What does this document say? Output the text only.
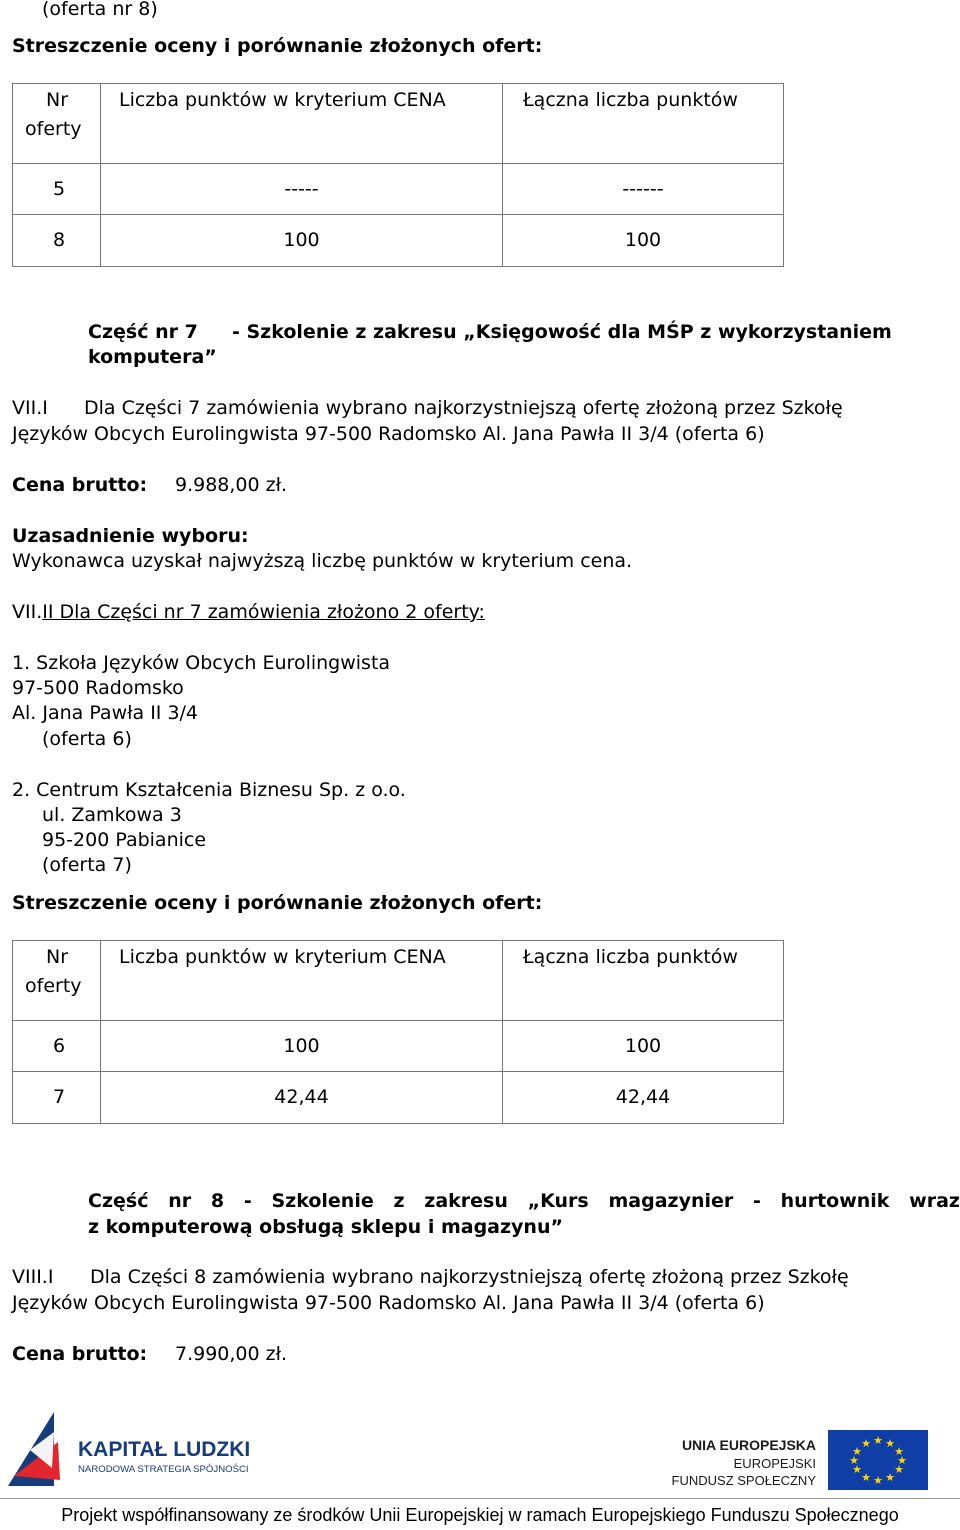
(oferta nr 8)
Streszczenie oceny i porównanie złożonych ofert:
Nr
oferty	Liczba punktów w kryterium CENA	Łączna liczba punktów
5	-----	------
8	100	100
Część nr 7 - Szkolenie z zakresu „Księgowość dla MŚP z wykorzystaniem
komputera”
VII.I Dla Części 7 zamówienia wybrano najkorzystniejszą ofertę złożoną przez Szkołę
Języków Obcych Eurolingwista 97-500 Radomsko Al. Jana Pawła II 3/4 (oferta 6)
Cena brutto: 9.988,00 zł.
Uzasadnienie wyboru:
Wykonawca uzyskał najwyższą liczbę punktów w kryterium cena.
VII.II Dla Części nr 7 zamówienia złożono 2 oferty:
1. Szkoła Języków Obcych Eurolingwista
97-500 Radomsko
Al. Jana Pawła II 3/4
(oferta 6)
2. Centrum Kształcenia Biznesu Sp. z o.o.
ul. Zamkowa 3
95-200 Pabianice
(oferta 7)
Streszczenie oceny i porównanie złożonych ofert:
Nr
oferty	Liczba punktów w kryterium CENA	Łączna liczba punktów
6	100	100
7	42,44	42,44
Część nr 8 - Szkolenie z zakresu „Kurs magazynier - hurtownik wraz
z komputerową obsługą sklepu i magazynu”
VIII.I Dla Części 8 zamówienia wybrano najkorzystniejszą ofertę złożoną przez Szkołę
Języków Obcych Eurolingwista 97-500 Radomsko Al. Jana Pawła II 3/4 (oferta 6)
Cena brutto: 7.990,00 zł.
KAPITAŁ LUDZKI
NARODOWA STRATEGIA SPÓJNOŚCI
UNIA EUROPEJSKA
EUROPEJSKI
FUNDUSZ SPOŁECZNY
★ ★
★
★
★
★
★
★
★
★
★
★
Projekt współfinansowany ze środków Unii Europejskiej w ramach Europejskiego Funduszu Społecznego
